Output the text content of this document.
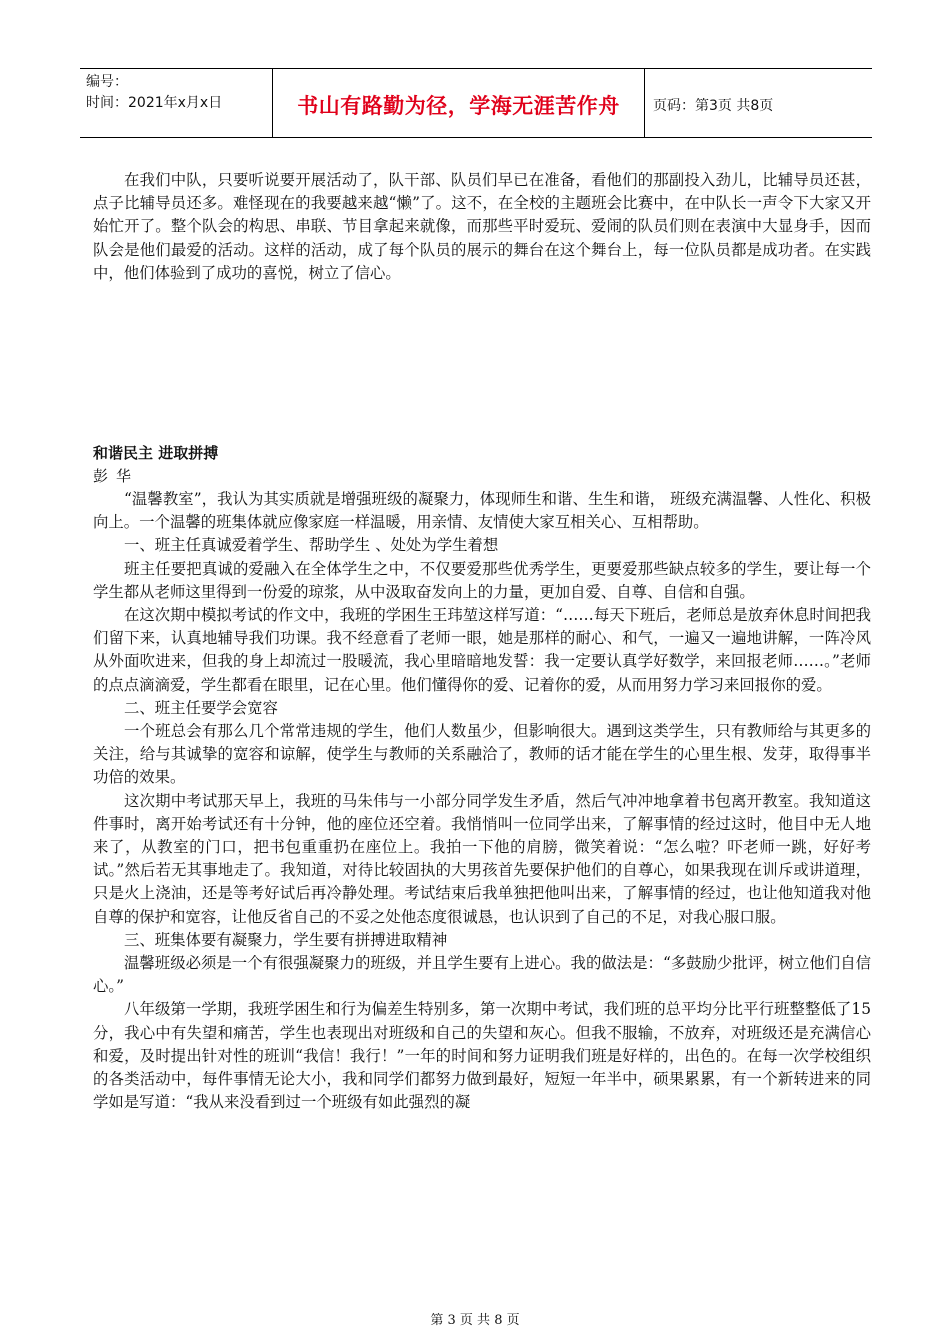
编号：
时间：2021年x月x日	书山有路勤为径，学海无涯苦作舟	页码：第3页 共8页

在我们中队，只要听说要开展活动了，队干部、队员们早已在准备，看他们的那副投入劲儿，比辅导员还甚，点子比辅导员还多。难怪现在的我要越来越“懒”了。这不，在全校的主题班会比赛中，在中队长一声令下大家又开始忙开了。整个队会的构思、串联、节目拿起来就像，而那些平时爱玩、爱闹的队员们则在表演中大显身手，因而队会是他们最爱的活动。这样的活动，成了每个队员的展示的舞台在这个舞台上，每一位队员都是成功者。在实践中，他们体验到了成功的喜悦，树立了信心。

和谐民主 进取拼搏

彭华

“温馨教室”，我认为其实质就是增强班级的凝聚力，体现师生和谐、生生和谐， 班级充满温馨、人性化、积极向上。一个温馨的班集体就应像家庭一样温暖，用亲情、友情使大家互相关心、互相帮助。

一、班主任真诚爱着学生、帮助学生 、处处为学生着想

班主任要把真诚的爱融入在全体学生之中，不仅要爱那些优秀学生，更要爱那些缺点较多的学生，要让每一个学生都从老师这里得到一份爱的琼浆，从中汲取奋发向上的力量，更加自爱、自尊、自信和自强。

在这次期中模拟考试的作文中，我班的学困生王玮堃这样写道：“……每天下班后，老师总是放弃休息时间把我们留下来，认真地辅导我们功课。我不经意看了老师一眼，她是那样的耐心、和气，一遍又一遍地讲解，一阵冷风从外面吹进来，但我的身上却流过一股暖流，我心里暗暗地发誓：我一定要认真学好数学，来回报老师……。”老师的点点滴滴爱，学生都看在眼里，记在心里。他们懂得你的爱、记着你的爱，从而用努力学习来回报你的爱。

二、班主任要学会宽容

一个班总会有那么几个常常违规的学生，他们人数虽少，但影响很大。遇到这类学生，只有教师给与其更多的关注，给与其诚挚的宽容和谅解，使学生与教师的关系融洽了，教师的话才能在学生的心里生根、发芽，取得事半功倍的效果。

这次期中考试那天早上，我班的马朱伟与一小部分同学发生矛盾，然后气冲冲地拿着书包离开教室。我知道这件事时，离开始考试还有十分钟，他的座位还空着。我悄悄叫一位同学出来，了解事情的经过这时，他目中无人地来了，从教室的门口，把书包重重扔在座位上。我拍一下他的肩膀，微笑着说：“怎么啦？吓老师一跳，好好考试。”然后若无其事地走了。我知道，对待比较固执的大男孩首先要保护他们的自尊心，如果我现在训斥或讲道理，只是火上浇油，还是等考好试后再冷静处理。考试结束后我单独把他叫出来，了解事情的经过，也让他知道我对他自尊的保护和宽容，让他反省自己的不妥之处他态度很诚恳，也认识到了自己的不足，对我心服口服。

三、班集体要有凝聚力，学生要有拼搏进取精神

温馨班级必须是一个有很强凝聚力的班级，并且学生要有上进心。我的做法是：“多鼓励少批评，树立他们自信心。”

八年级第一学期，我班学困生和行为偏差生特别多，第一次期中考试，我们班的总平均分比平行班整整低了15分，我心中有失望和痛苦，学生也表现出对班级和自己的失望和灰心。但我不服输，不放弃，对班级还是充满信心和爱，及时提出针对性的班训“我信！我行！”一年的时间和努力证明我们班是好样的，出色的。在每一次学校组织的各类活动中，每件事情无论大小，我和同学们都努力做到最好，短短一年半中，硕果累累，有一个新转进来的同学如是写道：“我从来没看到过一个班级有如此强烈的凝

第 3 页 共 8 页
